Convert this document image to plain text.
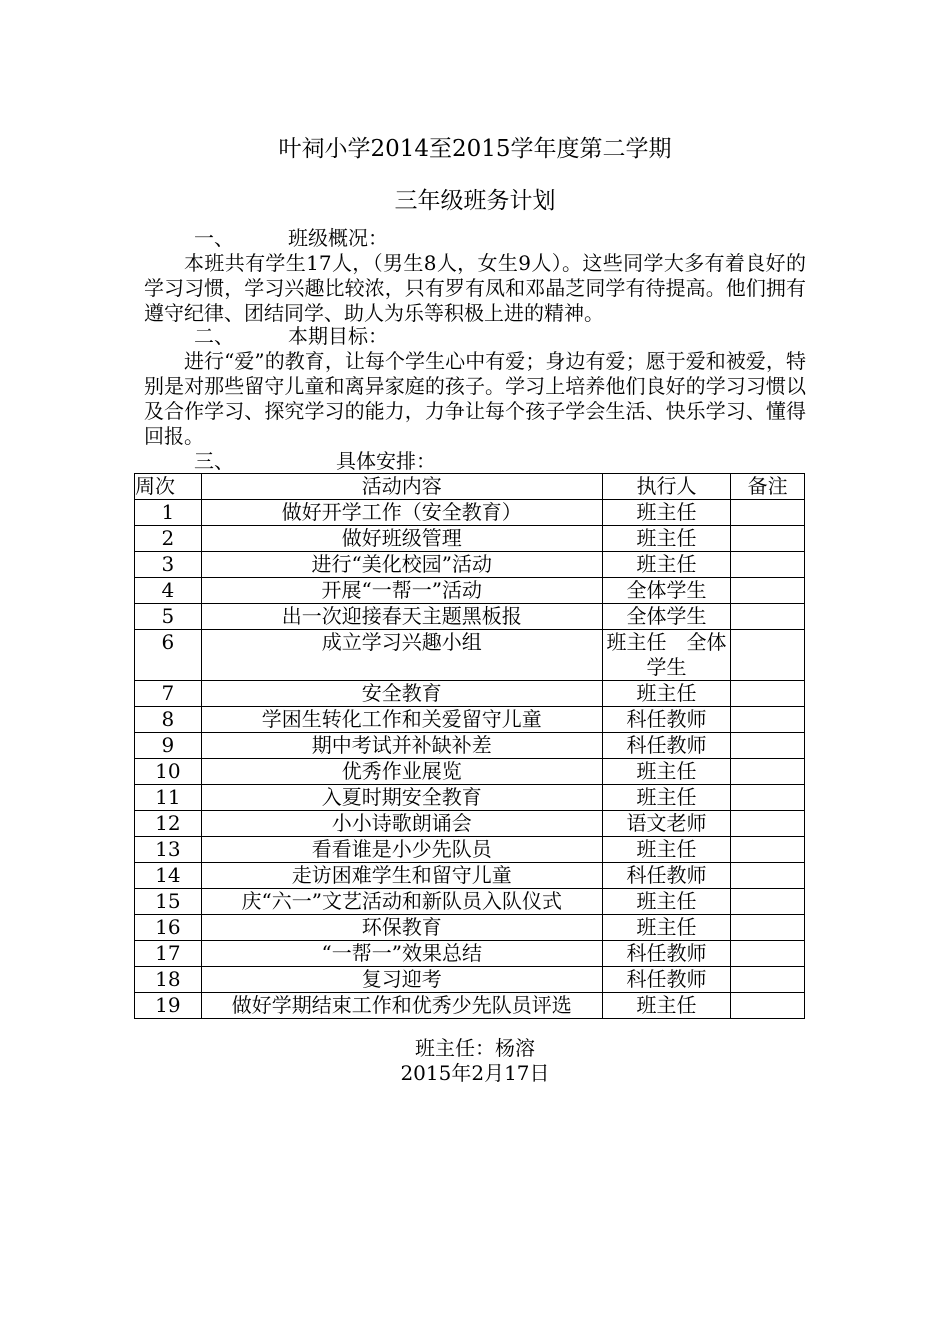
叶祠小学2014至2015学年度第二学期
三年级班务计划
一、	班级概况：

本班共有学生17人，（男生8人，女生9人）。这些同学大多有着良好的学习习惯，学习兴趣比较浓，只有罗有凤和邓晶芝同学有待提高。他们拥有遵守纪律、团结同学、助人为乐等积极上进的精神。

二、	本期目标：

进行“爱”的教育，让每个学生心中有爱；身边有爱；愿于爱和被爱，特别是对那些留守儿童和离异家庭的孩子。学习上培养他们良好的学习习惯以及合作学习、探究学习的能力，力争让每个孩子学会生活、快乐学习、懂得回报。

三、	具体安排：
周次	活动内容	执行人	备注
1	做好开学工作（安全教育）	班主任	
2	做好班级管理	班主任	
3	进行“美化校园”活动	班主任	
4	开展“一帮一”活动	全体学生	
5	出一次迎接春天主题黑板报	全体学生	
6	成立学习兴趣小组	班主任　全体学生	
7	安全教育	班主任	
8	学困生转化工作和关爱留守儿童	科任教师	
9	期中考试并补缺补差	科任教师	
10	优秀作业展览	班主任	
11	入夏时期安全教育	班主任	
12	小小诗歌朗诵会	语文老师	
13	看看谁是小少先队员	班主任	
14	走访困难学生和留守儿童	科任教师	
15	庆“六一”文艺活动和新队员入队仪式	班主任	
16	环保教育	班主任	
17	“一帮一”效果总结	科任教师	
18	复习迎考	科任教师	
19	做好学期结束工作和优秀少先队员评选	班主任	
班主任：杨溶
2015年2月17日
